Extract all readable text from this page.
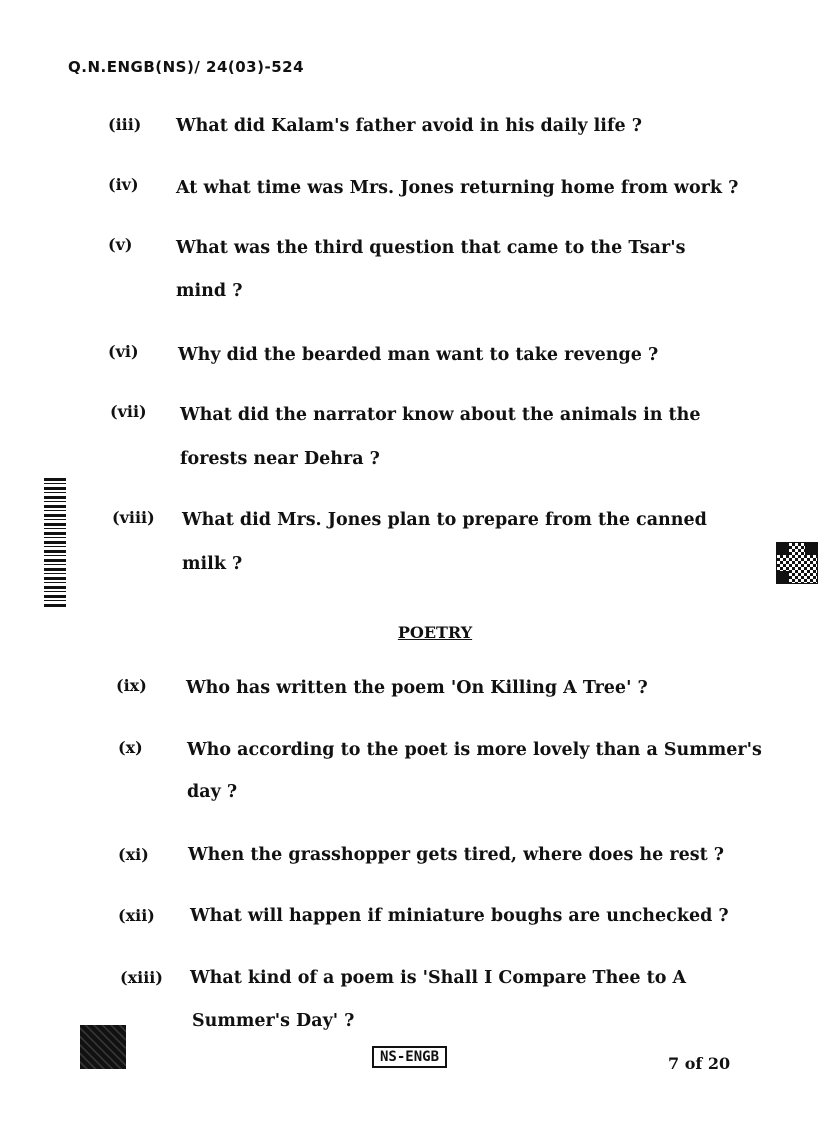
Q.N.ENGB(NS)/ 24(03)-524
(iii) What did Kalam's father avoid in his daily life ?
(iv) At what time was Mrs. Jones returning home from work ?
(v) What was the third question that came to the Tsar's
mind ?
(vi) Why did the bearded man want to take revenge ?
(vii) What did the narrator know about the animals in the
forests near Dehra ?
(viii) What did Mrs. Jones plan to prepare from the canned
milk ?
POETRY
(ix) Who has written the poem 'On Killing A Tree' ?
(x)	Who according to the poet is more lovely than a Summer's
day ?
(xi) When the grasshopper gets tired, where does he rest ?
(xii) What will happen if miniature boughs are unchecked ?
(xiii) What kind of a poem is 'Shall I Compare Thee to A
Summer's Day' ?
NS-ENGB	7 of 20
